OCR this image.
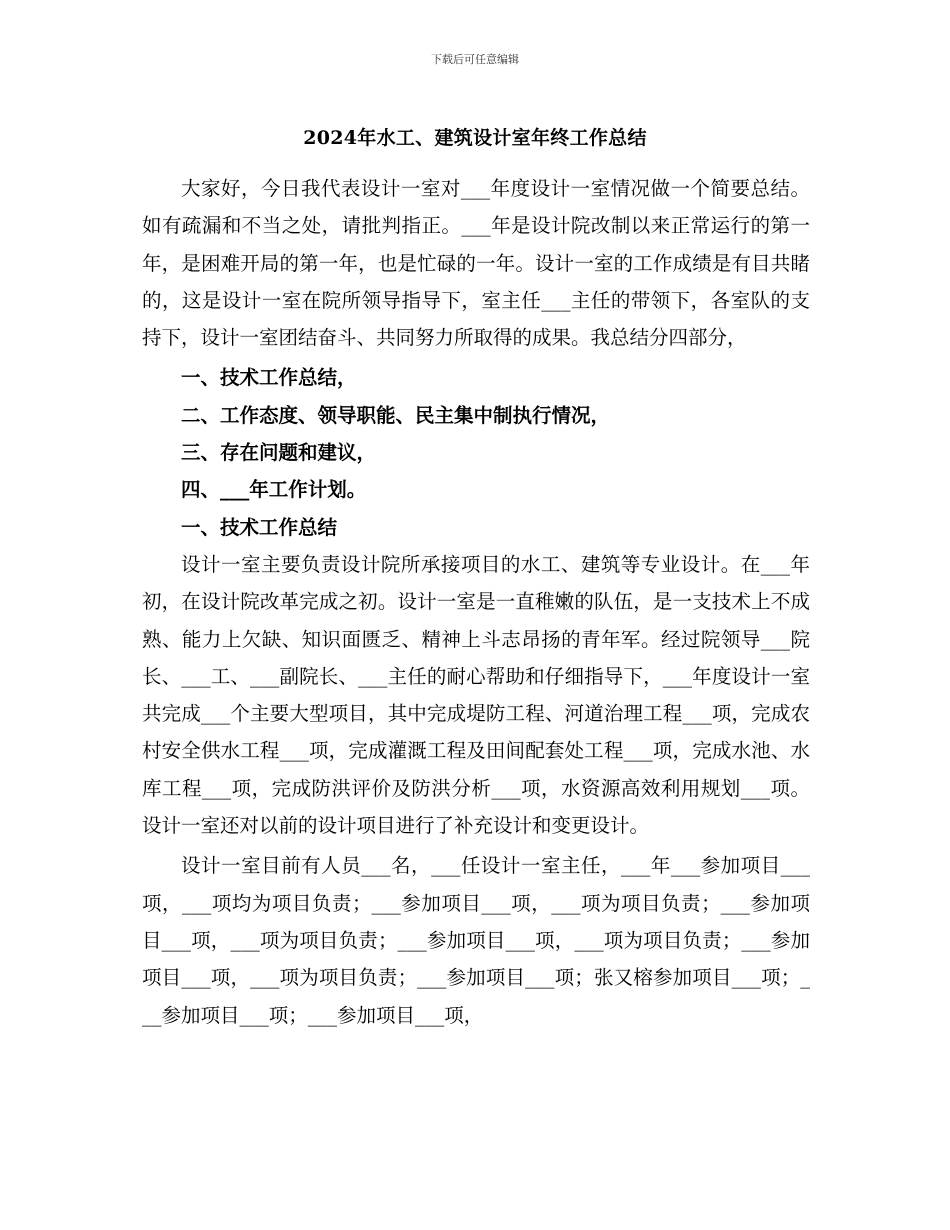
下载后可任意编辑
2024年水工、建筑设计室年终工作总结

大家好，今日我代表设计一室对___年度设计一室情况做一个简要总结。如有疏漏和不当之处，请批判指正。___年是设计院改制以来正常运行的第一年，是困难开局的第一年，也是忙碌的一年。设计一室的工作成绩是有目共睹的，这是设计一室在院所领导指导下，室主任___主任的带领下，各室队的支持下，设计一室团结奋斗、共同努力所取得的成果。我总结分四部分，

一、技术工作总结，

二、工作态度、领导职能、民主集中制执行情况，

三、存在问题和建议，

四、___年工作计划。

一、技术工作总结

设计一室主要负责设计院所承接项目的水工、建筑等专业设计。在___年初，在设计院改革完成之初。设计一室是一直稚嫩的队伍，是一支技术上不成熟、能力上欠缺、知识面匮乏、精神上斗志昂扬的青年军。经过院领导___院长、___工、___副院长、___主任的耐心帮助和仔细指导下，___年度设计一室共完成___个主要大型项目，其中完成堤防工程、河道治理工程___项，完成农村安全供水工程___项，完成灌溉工程及田间配套处工程___项，完成水池、水库工程___项，完成防洪评价及防洪分析___项，水资源高效利用规划___项。设计一室还对以前的设计项目进行了补充设计和变更设计。

设计一室目前有人员___名，___任设计一室主任，___年___参加项目___项，___项均为项目负责；___参加项目___项，___项为项目负责；___参加项目___项，___项为项目负责；___参加项目___项，___项为项目负责；___参加项目___项，___项为项目负责；___参加项目___项；张又榕参加项目___项；___参加项目___项；___参加项目___项，
